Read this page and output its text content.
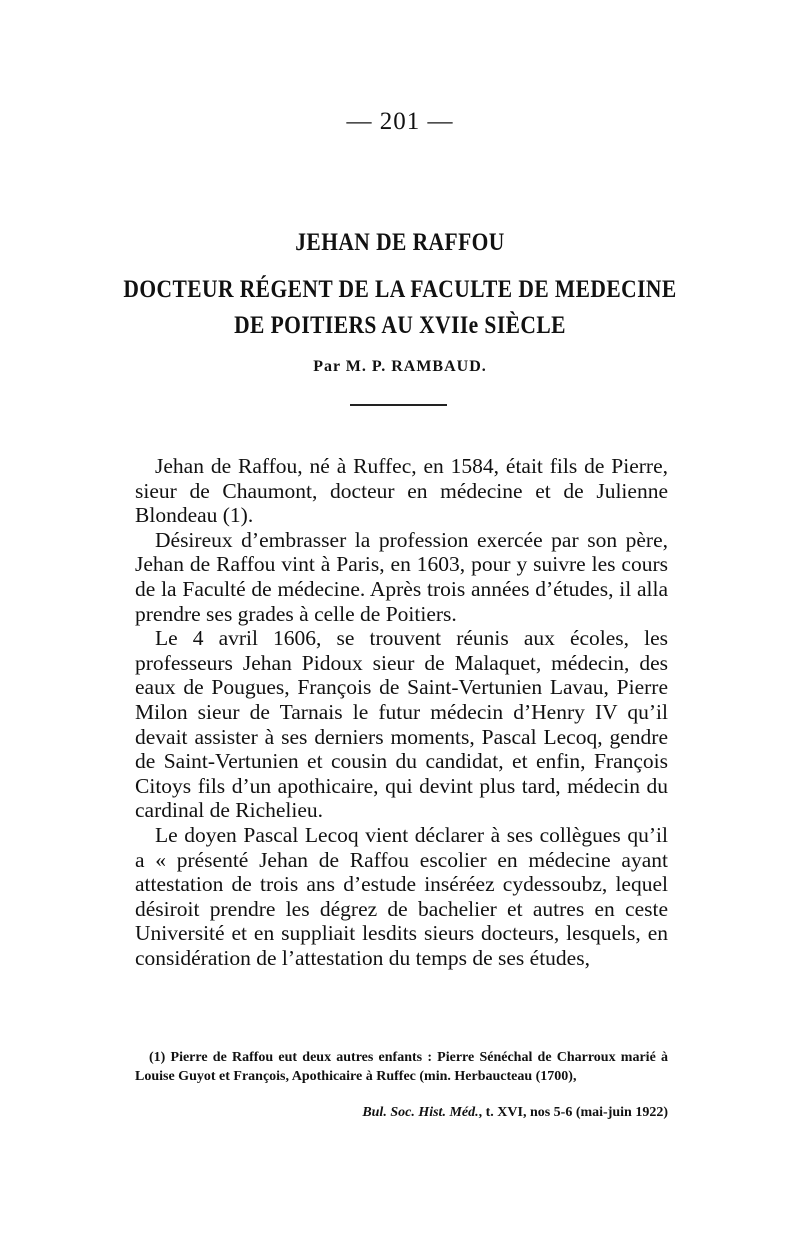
— 201 —
JEHAN DE RAFFOU
DOCTEUR RÉGENT DE LA FACULTE DE MEDECINE
DE POITIERS AU XVIIe SIÈCLE
Par M. P. RAMBAUD.

Jehan de Raffou, né à Ruffec, en 1584, était fils de Pierre, sieur de Chaumont, docteur en médecine et de Julienne Blondeau (1).

Désireux d’embrasser la profession exercée par son père, Jehan de Raffou vint à Paris, en 1603, pour y suivre les cours de la Faculté de médecine. Après trois années d’études, il alla prendre ses grades à celle de Poitiers.

Le 4 avril 1606, se trouvent réunis aux écoles, les professeurs Jehan Pidoux sieur de Malaquet, médecin, des eaux de Pougues, François de Saint-Vertunien Lavau, Pierre Milon sieur de Tarnais le futur médecin d’Henry IV qu’il devait assister à ses derniers moments, Pascal Lecoq, gendre de Saint-Vertunien et cousin du candidat, et enfin, François Citoys fils d’un apothicaire, qui devint plus tard, médecin du cardinal de Richelieu.

Le doyen Pascal Lecoq vient déclarer à ses collègues qu’il a « présenté Jehan de Raffou escolier en médecine ayant attestation de trois ans d’estude inséréez cydessoubz, lequel désiroit prendre les dégrez de bachelier et autres en ceste Université et en suppliait lesdits sieurs docteurs, lesquels, en considération de l’attestation du temps de ses études,

(1) Pierre de Raffou eut deux autres enfants : Pierre Sénéchal de Charroux marié à Louise Guyot et François, Apothicaire à Ruffec (min. Herbaucteau (1700),

Bul. Soc. Hist. Méd., t. XVI, nos 5-6 (mai-juin 1922)
